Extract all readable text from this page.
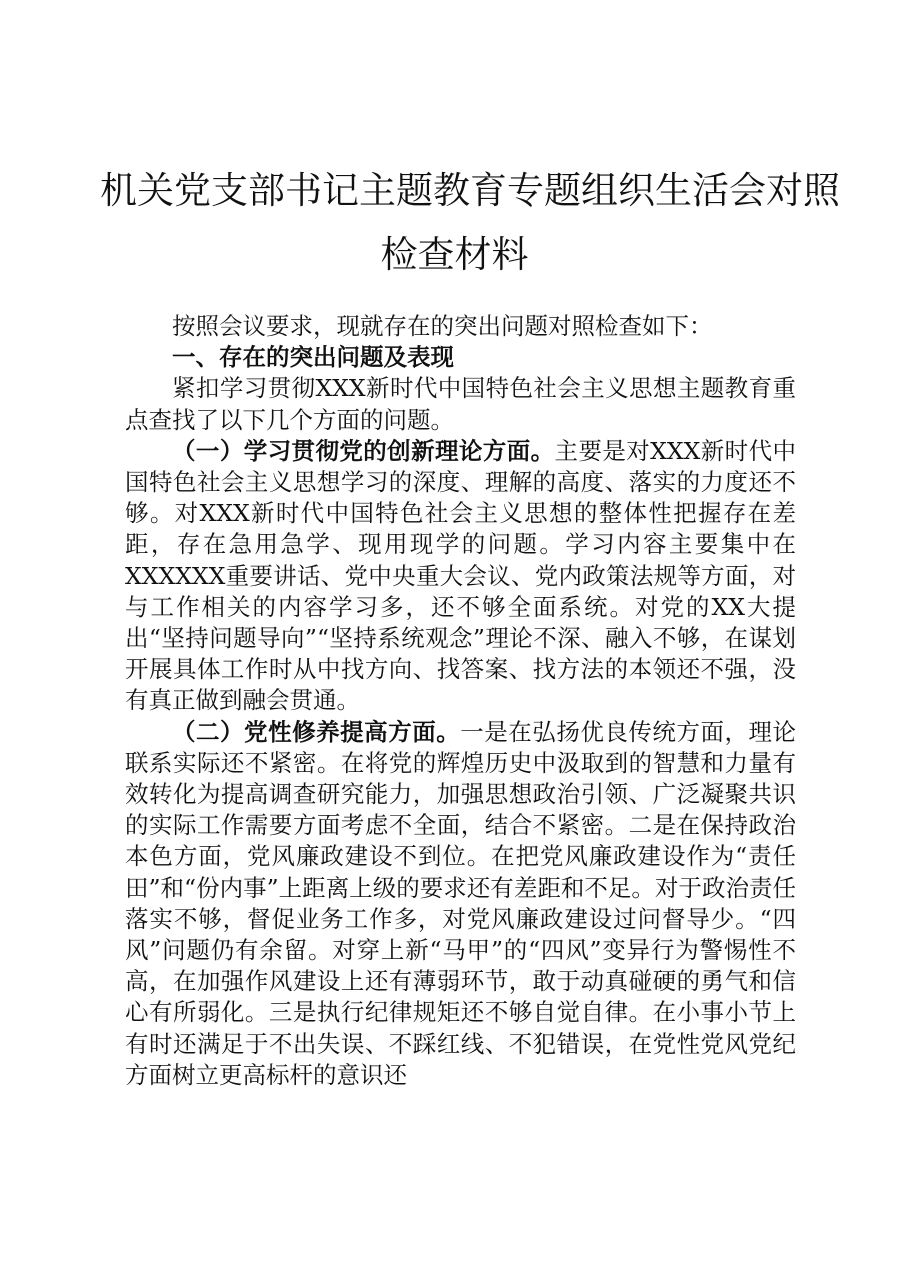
机关党支部书记主题教育专题组织生活会对照
检查材料

按照会议要求，现就存在的突出问题对照检查如下：

一、存在的突出问题及表现

紧扣学习贯彻XXX新时代中国特色社会主义思想主题教育重点查找了以下几个方面的问题。

（一）学习贯彻党的创新理论方面。主要是对XXX新时代中国特色社会主义思想学习的深度、理解的高度、落实的力度还不够。对XXX新时代中国特色社会主义思想的整体性把握存在差距，存在急用急学、现用现学的问题。学习内容主要集中在XXXXXX重要讲话、党中央重大会议、党内政策法规等方面，对与工作相关的内容学习多，还不够全面系统。对党的XX大提出“坚持问题导向”“坚持系统观念”理论不深、融入不够，在谋划开展具体工作时从中找方向、找答案、找方法的本领还不强，没有真正做到融会贯通。

（二）党性修养提高方面。一是在弘扬优良传统方面，理论联系实际还不紧密。在将党的辉煌历史中汲取到的智慧和力量有效转化为提高调查研究能力，加强思想政治引领、广泛凝聚共识的实际工作需要方面考虑不全面，结合不紧密。二是在保持政治本色方面，党风廉政建设不到位。在把党风廉政建设作为“责任田”和“份内事”上距离上级的要求还有差距和不足。对于政治责任落实不够，督促业务工作多，对党风廉政建设过问督导少。“四风”问题仍有余留。对穿上新“马甲”的“四风”变异行为警惕性不高，在加强作风建设上还有薄弱环节，敢于动真碰硬的勇气和信心有所弱化。三是执行纪律规矩还不够自觉自律。在小事小节上有时还满足于不出失误、不踩红线、不犯错误，在党性党风党纪方面树立更高标杆的意识还
